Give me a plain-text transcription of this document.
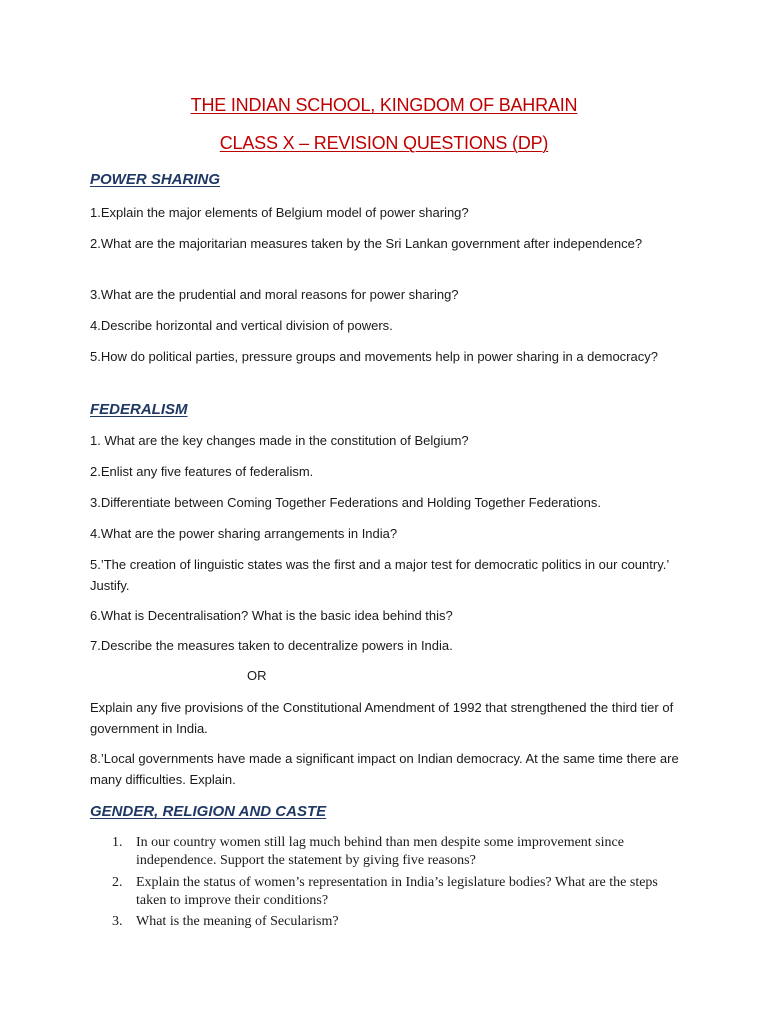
THE INDIAN SCHOOL, KINGDOM OF BAHRAIN
CLASS X – REVISION QUESTIONS (DP)
POWER SHARING
1.Explain the major elements of Belgium model of power sharing?
2.What are the majoritarian measures taken by the Sri Lankan government after independence?
3.What are the prudential and moral reasons for power sharing?
4.Describe horizontal and vertical division of powers.
5.How do political parties, pressure groups and movements help in power sharing in a democracy?
FEDERALISM
1. What are the key changes made in the constitution of Belgium?
2.Enlist any five features of federalism.
3.Differentiate between Coming Together Federations and Holding Together Federations.
4.What are the power sharing arrangements in India?
5.’The creation of linguistic states was the first and a major test for democratic politics in our country.’ Justify.
6.What is Decentralisation? What is the basic idea behind this?
7.Describe the measures taken to decentralize powers in India.
OR
Explain any five provisions of the Constitutional Amendment of 1992 that strengthened the third tier of government in India.
8.’Local governments have made a significant impact on Indian democracy. At the same time there are many difficulties. Explain.
GENDER, RELIGION AND CASTE
1. In our country women still lag much behind than men despite some improvement since independence. Support the statement by giving five reasons?
2. Explain the status of women’s representation in India’s legislature bodies? What are the steps taken to improve their conditions?
3. What is the meaning of Secularism?
